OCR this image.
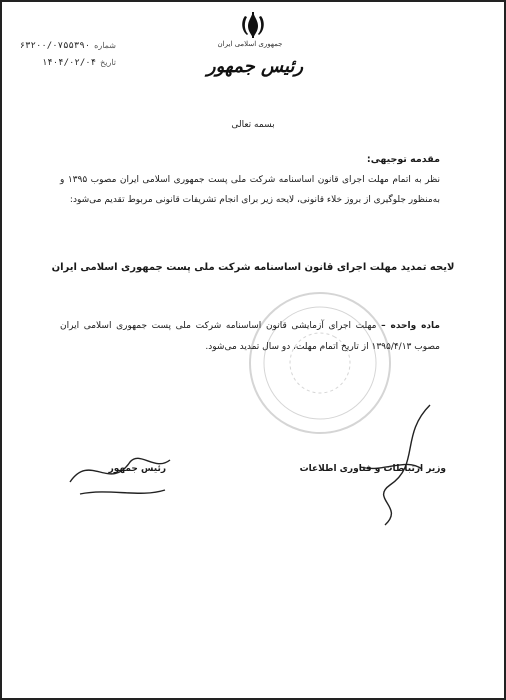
جمهوری اسلامی ایران
رئیس جمهور
شماره
۶۳۲۰۰/۰۷۵۵۳۹۰
تاریخ
۱۴۰۴/۰۲/۰۴
بسمه تعالی
مقدمه توجیهی:
نظر به اتمام مهلت اجرای قانون اساسنامه شرکت ملی پست جمهوری اسلامی ایران مصوب ۱۳۹۵ و به‌منظور جلوگیری از بروز خلاء قانونی، لایحه زیر برای انجام تشریفات قانونی مربوط تقدیم می‌شود:
لایحه تمدید مهلت اجرای قانون اساسنامه شرکت ملی پست جمهوری اسلامی ایران
ماده واحده – مهلت اجرای آزمایشی قانون اساسنامه شرکت ملی پست جمهوری اسلامی ایران مصوب ۱۳۹۵/۴/۱۳ از تاریخ اتمام مهلت، دو سال تمدید می‌شود.
وزیر ارتباطات و فناوری اطلاعات
رئیس جمهور
